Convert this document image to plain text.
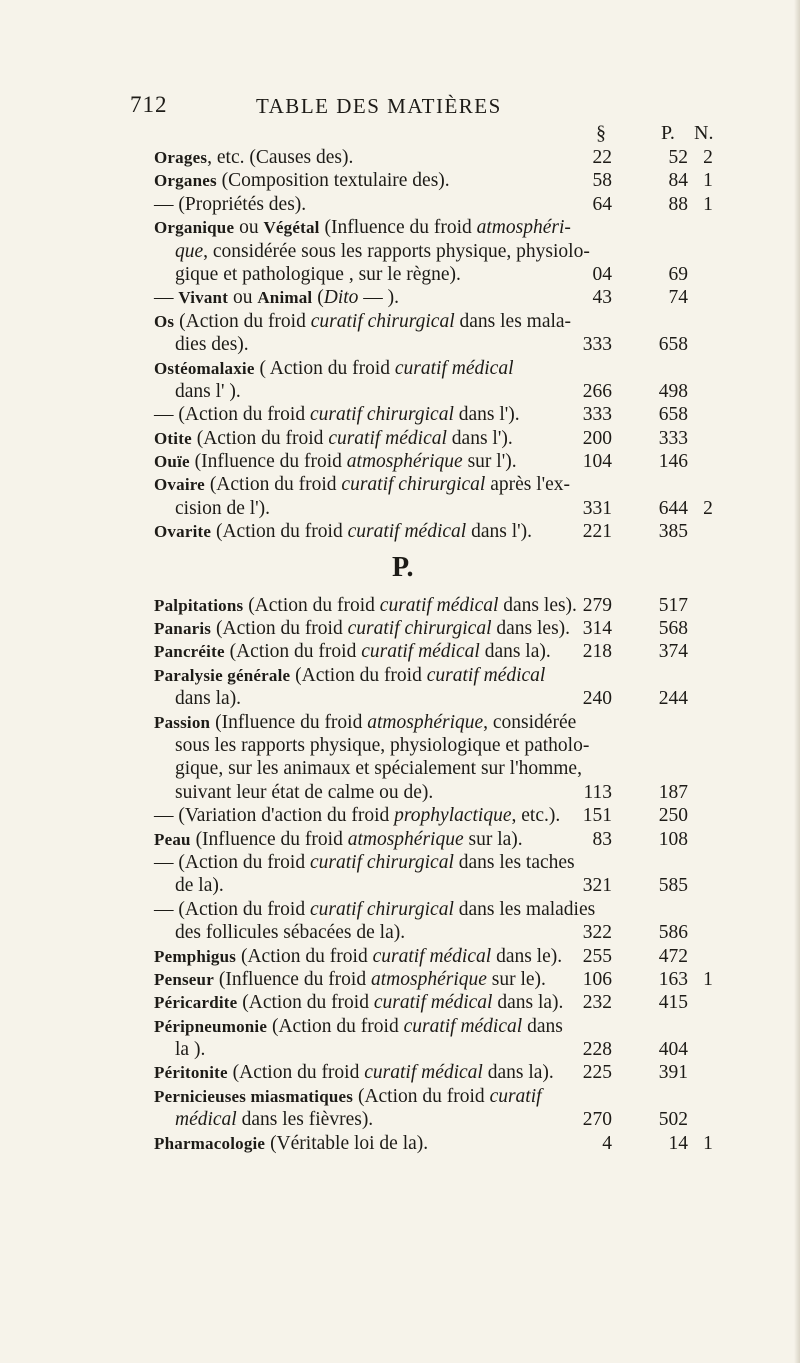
712	TABLE DES MATIÈRES
§	P. N.
Orages, etc. (Causes des).	22	52 2
Organes (Composition textulaire des).	58	84 1
— (Propriétés des).	64	88 1
Organique ou Végétal (Influence du froid atmosphéri-
que, considérée sous les rapports physique, physiolo-
gique et pathologique , sur le règne).	04	69
— Vivant ou Animal (Dito — ).	43	74
Os (Action du froid curatif chirurgical dans les mala-
dies des).	333	658
Ostéomalaxie ( Action du froid curatif médical
dans l' ).	266	498
— (Action du froid curatif chirurgical dans l').	333	658
Otite (Action du froid curatif médical dans l').	200	333
Ouïe (Influence du froid atmosphérique sur l').	104	146
Ovaire (Action du froid curatif chirurgical après l'ex-
cision de l').	331	644 2
Ovarite (Action du froid curatif médical dans l').	221	385
P.
Palpitations (Action du froid curatif médical dans les). 279	517
Panaris (Action du froid curatif chirurgical dans les). 314	568
Pancréite (Action du froid curatif médical dans la).	218	374
Paralysie générale (Action du froid curatif médical
dans la).	240	244
Passion (Influence du froid atmosphérique, considérée
sous les rapports physique, physiologique et patholo-
gique, sur les animaux et spécialement sur l'homme,
suivant leur état de calme ou de).	113	187
— (Variation d'action du froid prophylactique, etc.).	151	250
Peau (Influence du froid atmosphérique sur la).	83	108
— (Action du froid curatif chirurgical dans les taches
de la).	321	585
— (Action du froid curatif chirurgical dans les maladies
des follicules sébacées de la).	322	586
Pemphigus (Action du froid curatif médical dans le).	255	472
Penseur (Influence du froid atmosphérique sur le).	106	163 1
Péricardite (Action du froid curatif médical dans la). 232	415
Péripneumonie (Action du froid curatif médical dans
la ).	228	404
Péritonite (Action du froid curatif médical dans la).	225	391
Pernicieuses miasmatiques (Action du froid curatif
médical dans les fièvres).	270	502
Pharmacologie (Véritable loi de la).	4	14 1
